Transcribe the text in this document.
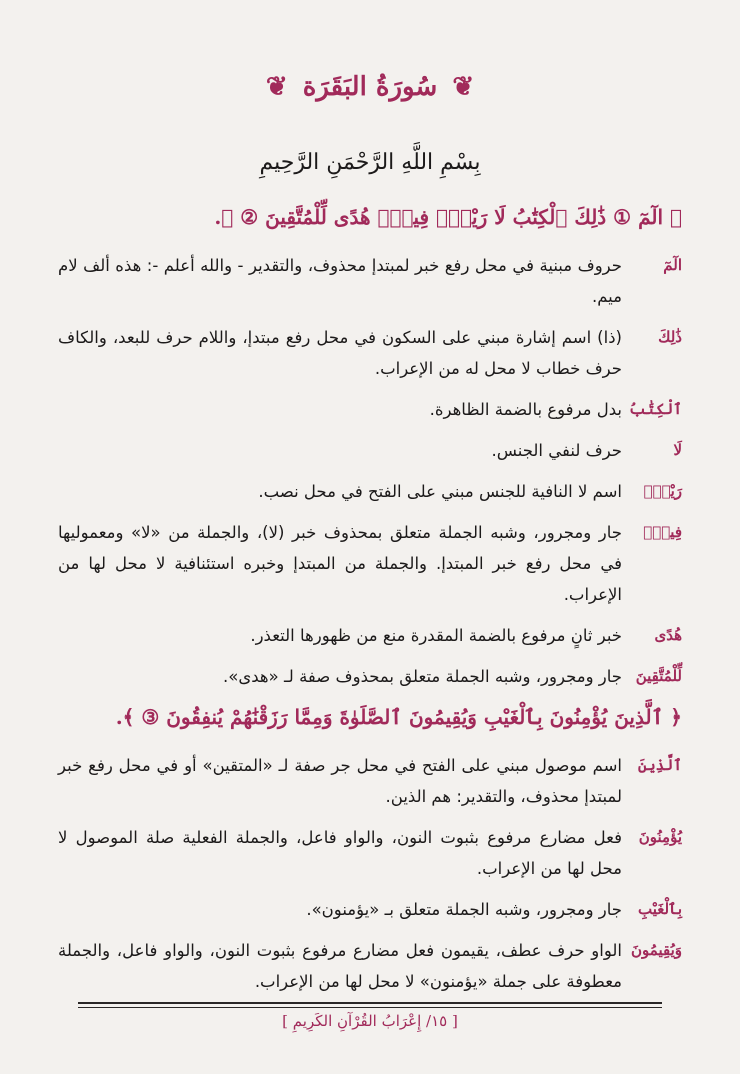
❦ سُورَةُ البَقَرَة ❦
بِسْمِ اللَّهِ الرَّحْمَنِ الرَّحِيمِ
﴿ الٓمٓ ① ذَٰلِكَ ٱلْكِتَٰبُ لَا رَيْبَۛ فِيهِۛ هُدًى لِّلْمُتَّقِينَ ② ﴾.
الٓمٓ
حروف مبنية في محل رفع خبر لمبتدإ محذوف، والتقدير - والله أعلم -: هذه ألف لام ميم.
ذَٰلِكَ
(ذا) اسم إشارة مبني على السكون في محل رفع مبتدإ، واللام حرف للبعد، والكاف حرف خطاب لا محل له من الإعراب.
ٱلْكِتَٰبُ
بدل مرفوع بالضمة الظاهرة.
لَا
حرف لنفي الجنس.
رَيْبَۛ
اسم لا النافية للجنس مبني على الفتح في محل نصب.
فِيهِۛ
جار ومجرور، وشبه الجملة متعلق بمحذوف خبر (لا)، والجملة من «لا» ومعموليها في محل رفع خبر المبتدإ. والجملة من المبتدإ وخبره استئنافية لا محل لها من الإعراب.
هُدًى
خبر ثانٍ مرفوع بالضمة المقدرة منع من ظهورها التعذر.
لِّلْمُتَّقِينَ
جار ومجرور، وشبه الجملة متعلق بمحذوف صفة لـ «هدى».
﴿ ٱلَّذِينَ يُؤْمِنُونَ بِٱلْغَيْبِ وَيُقِيمُونَ ٱلصَّلَوٰةَ وَمِمَّا رَزَقْنَٰهُمْ يُنفِقُونَ ③ ﴾.
ٱلَّذِينَ
اسم موصول مبني على الفتح في محل جر صفة لـ «المتقين» أو في محل رفع خبر لمبتدإ محذوف، والتقدير: هم الذين.
يُؤْمِنُونَ
فعل مضارع مرفوع بثبوت النون، والواو فاعل، والجملة الفعلية صلة الموصول لا محل لها من الإعراب.
بِٱلْغَيْبِ
جار ومجرور، وشبه الجملة متعلق بـ «يؤمنون».
وَيُقِيمُونَ
الواو حرف عطف، يقيمون فعل مضارع مرفوع بثبوت النون، والواو فاعل، والجملة معطوفة على جملة «يؤمنون» لا محل لها من الإعراب.
[ ١٥/ إِعْرَابُ القُرْآنِ الكَرِيمِ ]
